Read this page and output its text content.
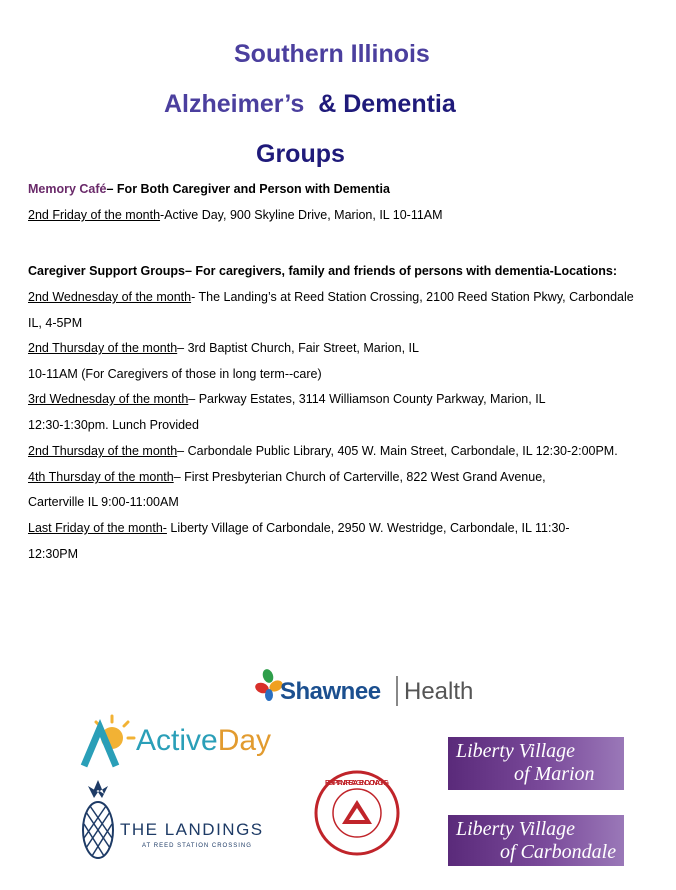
Southern Illinois
Alzheimer’s & Dementia
Groups
Memory Café– For Both Caregiver and Person with Dementia
2nd Friday of the month-Active Day, 900 Skyline Drive, Marion, IL 10-11AM
Caregiver Support Groups– For caregivers, family and friends of persons with dementia-Locations:
2nd Wednesday of the month- The Landing’s at Reed Station Crossing, 2100 Reed Station Pkwy, Carbondale
IL, 4-5PM
2nd Thursday of the month– 3rd Baptist Church, Fair Street, Marion, IL
10-11AM (For Caregivers of those in long term--care)
3rd Wednesday of the month– Parkway Estates, 3114 Williamson County Parkway, Marion, IL
12:30-1:30pm. Lunch Provided
2nd Thursday of the month– Carbondale Public Library, 405 W. Main Street, Carbondale, IL 12:30-2:00PM.
4th Thursday of the month– First Presbyterian Church of Carterville, 822 West Grand Avenue,
Carterville IL 9:00-11:00AM
Last Friday of the month- Liberty Village of Carbondale, 2950 W. Westridge, Carbondale, IL 11:30-
12:30PM
Shawnee Health
ActiveDay
THE LANDINGS
AT REED STATION CROSSING
EGYPTIAN AREA AGENCY ON AGING
Liberty Village
of Marion
Liberty Village
of Carbondale
